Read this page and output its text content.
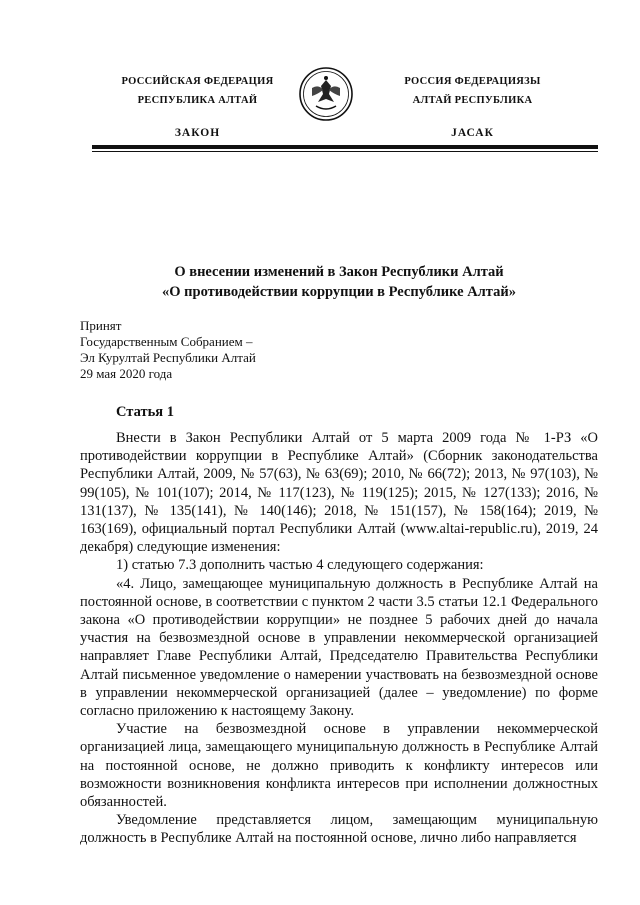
РОССИЙСКАЯ ФЕДЕРАЦИЯ
РЕСПУБЛИКА АЛТАЙ
ЗАКОН
РОССИЯ ФЕДЕРАЦИЯЗЫ
АЛТАЙ РЕСПУБЛИКА
JАСАК
О внесении изменений в Закон Республики Алтай
«О противодействии коррупции в Республике Алтай»
Принят
Государственным Собранием –
Эл Курултай Республики Алтай
29 мая 2020 года
Статья 1

Внести в Закон Республики Алтай от 5 марта 2009 года № 1-РЗ «О противодействии коррупции в Республике Алтай» (Сборник законодательства Республики Алтай, 2009, № 57(63), № 63(69); 2010, № 66(72); 2013, № 97(103), № 99(105), № 101(107); 2014, № 117(123), № 119(125); 2015, № 127(133); 2016, № 131(137), № 135(141), № 140(146); 2018, № 151(157), № 158(164); 2019, № 163(169), официальный портал Республики Алтай (www.altai-republic.ru), 2019, 24 декабря) следующие изменения:

1) статью 7.3 дополнить частью 4 следующего содержания:

«4. Лицо, замещающее муниципальную должность в Республике Алтай на постоянной основе, в соответствии с пунктом 2 части 3.5 статьи 12.1 Федерального закона «О противодействии коррупции» не позднее 5 рабочих дней до начала участия на безвозмездной основе в управлении некоммерческой организацией направляет Главе Республики Алтай, Председателю Правительства Республики Алтай письменное уведомление о намерении участвовать на безвозмездной основе в управлении некоммерческой организацией (далее – уведомление) по форме согласно приложению к настоящему Закону.

Участие на безвозмездной основе в управлении некоммерческой организацией лица, замещающего муниципальную должность в Республике Алтай на постоянной основе, не должно приводить к конфликту интересов или возможности возникновения конфликта интересов при исполнении должностных обязанностей.

Уведомление представляется лицом, замещающим муниципальную должность в Республике Алтай на постоянной основе, лично либо направляется
